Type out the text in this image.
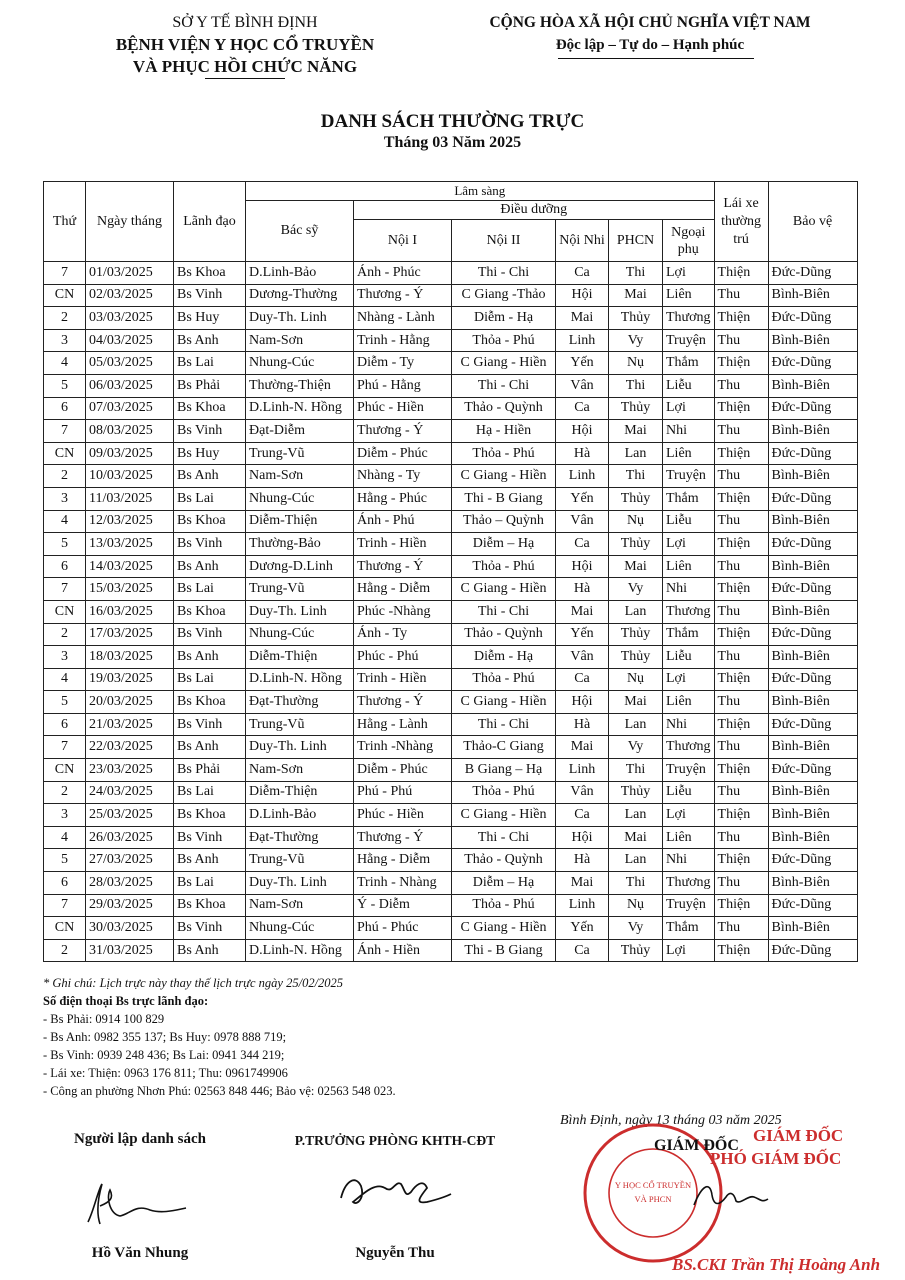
SỞ Y TẾ BÌNH ĐỊNH
BỆNH VIỆN Y HỌC CỔ TRUYỀN
VÀ PHỤC HỒI CHỨC NĂNG
CỘNG HÒA XÃ HỘI CHỦ NGHĨA VIỆT NAM
Độc lập – Tự do – Hạnh phúc
DANH SÁCH THƯỜNG TRỰC
Tháng 03 Năm 2025
Thứ	Ngày tháng	Lãnh đạo	Lâm sàng						Lái xe thường trú	Bảo vệ
			Bác sỹ	Điều dưỡng						
				Nội I	Nội II	Nội Nhi	PHCN	Ngoại phụ		
7	01/03/2025	Bs Khoa	D.Linh-Bảo	Ánh - Phúc	Thi - Chi	Ca	Thi	Lợi	Thiện	Đức-Dũng
CN	02/03/2025	Bs Vinh	Dương-Thường	Thương - Ý	C Giang -Thảo	Hội	Mai	Liên	Thu	Bình-Biên
2	03/03/2025	Bs Huy	Duy-Th. Linh	Nhàng - Lành	Diễm - Hạ	Mai	Thủy	Thương	Thiện	Đức-Dũng
3	04/03/2025	Bs Anh	Nam-Sơn	Trinh - Hằng	Thỏa - Phú	Linh	Vy	Truyện	Thu	Bình-Biên
4	05/03/2025	Bs Lai	Nhung-Cúc	Diễm - Ty	C Giang - Hiền	Yến	Nụ	Thắm	Thiện	Đức-Dũng
5	06/03/2025	Bs Phải	Thường-Thiện	Phú - Hằng	Thi - Chi	Vân	Thi	Liễu	Thu	Bình-Biên
6	07/03/2025	Bs Khoa	D.Linh-N. Hồng	Phúc - Hiền	Thảo - Quỳnh	Ca	Thủy	Lợi	Thiện	Đức-Dũng
7	08/03/2025	Bs Vinh	Đạt-Diễm	Thương - Ý	Hạ - Hiền	Hội	Mai	Nhi	Thu	Bình-Biên
CN	09/03/2025	Bs Huy	Trung-Vũ	Diễm - Phúc	Thỏa - Phú	Hà	Lan	Liên	Thiện	Đức-Dũng
2	10/03/2025	Bs Anh	Nam-Sơn	Nhàng - Ty	C Giang - Hiền	Linh	Thi	Truyện	Thu	Bình-Biên
3	11/03/2025	Bs Lai	Nhung-Cúc	Hằng - Phúc	Thi - B Giang	Yến	Thủy	Thắm	Thiện	Đức-Dũng
4	12/03/2025	Bs Khoa	Diễm-Thiện	Ánh - Phú	Thảo – Quỳnh	Vân	Nụ	Liễu	Thu	Bình-Biên
5	13/03/2025	Bs Vinh	Thường-Bảo	Trinh - Hiền	Diễm – Hạ	Ca	Thủy	Lợi	Thiện	Đức-Dũng
6	14/03/2025	Bs Anh	Dương-D.Linh	Thương - Ý	Thỏa - Phú	Hội	Mai	Liên	Thu	Bình-Biên
7	15/03/2025	Bs Lai	Trung-Vũ	Hằng - Diễm	C Giang - Hiền	Hà	Vy	Nhi	Thiện	Đức-Dũng
CN	16/03/2025	Bs Khoa	Duy-Th. Linh	Phúc -Nhàng	Thi - Chi	Mai	Lan	Thương	Thu	Bình-Biên
2	17/03/2025	Bs Vinh	Nhung-Cúc	Ánh - Ty	Thảo - Quỳnh	Yến	Thủy	Thắm	Thiện	Đức-Dũng
3	18/03/2025	Bs Anh	Diễm-Thiện	Phúc - Phú	Diễm - Hạ	Vân	Thủy	Liễu	Thu	Bình-Biên
4	19/03/2025	Bs Lai	D.Linh-N. Hồng	Trinh - Hiền	Thỏa - Phú	Ca	Nụ	Lợi	Thiện	Đức-Dũng
5	20/03/2025	Bs Khoa	Đạt-Thường	Thương - Ý	C Giang - Hiền	Hội	Mai	Liên	Thu	Bình-Biên
6	21/03/2025	Bs Vinh	Trung-Vũ	Hằng - Lành	Thi - Chi	Hà	Lan	Nhi	Thiện	Đức-Dũng
7	22/03/2025	Bs Anh	Duy-Th. Linh	Trinh -Nhàng	Thảo-C Giang	Mai	Vy	Thương	Thu	Bình-Biên
CN	23/03/2025	Bs Phải	Nam-Sơn	Diễm - Phúc	B Giang – Hạ	Linh	Thi	Truyện	Thiện	Đức-Dũng
2	24/03/2025	Bs Lai	Diễm-Thiện	Phú - Phú	Thỏa - Phú	Vân	Thủy	Liễu	Thu	Bình-Biên
3	25/03/2025	Bs Khoa	D.Linh-Bảo	Phúc - Hiền	C Giang - Hiền	Ca	Lan	Lợi	Thiện	Bình-Biên
4	26/03/2025	Bs Vinh	Đạt-Thường	Thương - Ý	Thi - Chi	Hội	Mai	Liên	Thu	Bình-Biên
5	27/03/2025	Bs Anh	Trung-Vũ	Hằng - Diễm	Thảo - Quỳnh	Hà	Lan	Nhi	Thiện	Đức-Dũng
6	28/03/2025	Bs Lai	Duy-Th. Linh	Trinh - Nhàng	Diễm – Hạ	Mai	Thi	Thương	Thu	Bình-Biên
7	29/03/2025	Bs Khoa	Nam-Sơn	Ý - Diễm	Thỏa - Phú	Linh	Nụ	Truyện	Thiện	Đức-Dũng
CN	30/03/2025	Bs Vinh	Nhung-Cúc	Phú - Phúc	C Giang - Hiền	Yến	Vy	Thắm	Thu	Bình-Biên
2	31/03/2025	Bs Anh	D.Linh-N. Hồng	Ánh - Hiền	Thi - B Giang	Ca	Thủy	Lợi	Thiện	Đức-Dũng
* Ghi chú: Lịch trực này thay thế lịch trực ngày 25/02/2025
Số điện thoại Bs trực lãnh đạo:
- Bs Phải: 0914 100 829
- Bs Anh: 0982 355 137; Bs Huy: 0978 888 719;
- Bs Vinh: 0939 248 436; Bs Lai: 0941 344 219;
- Lái xe: Thiện: 0963 176 811; Thu: 0961749906
- Công an phường Nhơn Phú: 02563 848 446; Bảo vệ: 02563 548 023.
Bình Định, ngày 13 tháng 03 năm 2025
Người lập danh sách
Hồ Văn Nhung
P.TRƯỞNG PHÒNG KHTH-CĐT
Nguyễn Thu
Y HỌC CỔ TRUYỀN
VÀ PHCN
GIÁM ĐỐC
GIÁM ĐỐC
PHÓ GIÁM ĐỐC
BS.CKI Trần Thị Hoàng Anh
